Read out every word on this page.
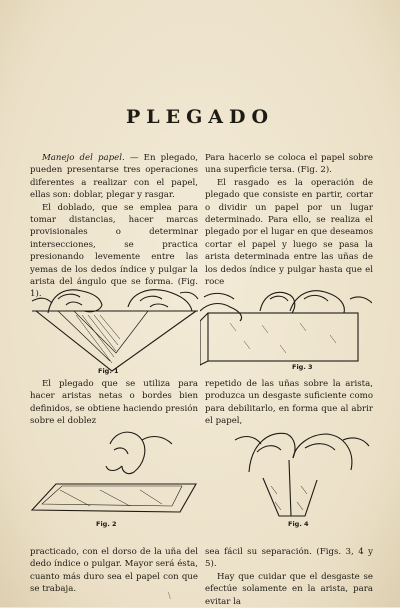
PLEGADO

Manejo del papel. — En plegado, pueden presentarse tres operaciones diferentes a realizar con el papel, ellas son: doblar, plegar y rasgar.

El doblado, que se emplea para tomar distancias, hacer marcas provisionales o determinar intersecciones, se practica presionando levemente entre las yemas de los dedos índice y pulgar la arista del ángulo que se forma. (Fig. 1).

Para hacerlo se coloca el papel sobre una superficie tersa. (Fig. 2).

El rasgado es la operación de plegado que consiste en partir, cortar o dividir un papel por un lugar determinado. Para ello, se realiza el plegado por el lugar en que deseamos cortar el papel y luego se pasa la arista determinada entre las uñas de los dedos índice y pulgar hasta que el roce

Fig. 1	Fig. 3

El plegado que se utiliza para hacer aristas netas o bordes bien definidos, se obtiene haciendo presión sobre el doblez

repetido de las uñas sobre la arista, produzca un desgaste suficiente como para debilitarlo, en forma que al abrir el papel,

Fig. 2	Fig. 4

practicado, con el dorso de la uña del dedo índice o pulgar. Mayor será ésta, cuanto más duro sea el papel con que se trabaja.

sea fácil su separación. (Figs. 3, 4 y 5).

Hay que cuidar que el desgaste se efectúe solamente en la arista, para evitar la

\
